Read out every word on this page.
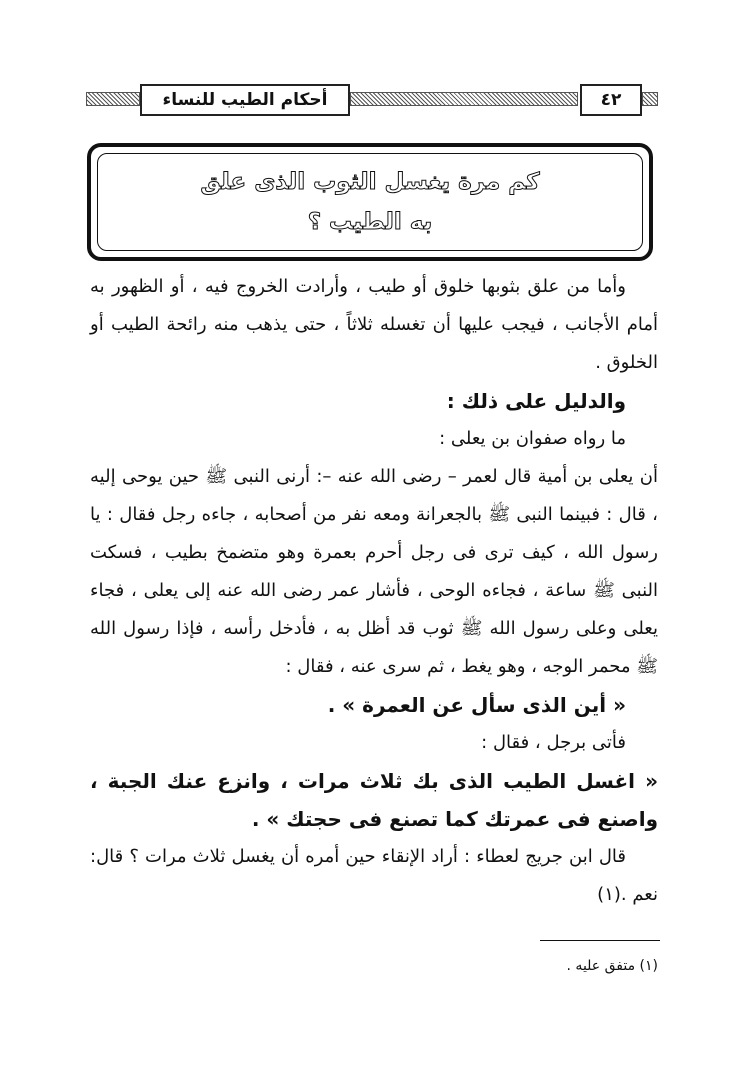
أحكام الطيب للنساء	٤٢
كم مرة يغسل الثوب الذى علق
به الطيب ؟

وأما من علق بثوبها خلوق أو طيب ، وأرادت الخروج فيه ، أو الظهور به أمام الأجانب ، فيجب عليها أن تغسله ثلاثاً ، حتى يذهب منه رائحة الطيب أو الخلوق .

والدليل على ذلك :

ما رواه صفوان بن يعلى :

أن يعلى بن أمية قال لعمر – رضى الله عنه –: أرنى النبى ﷺ حين يوحى إليه ، قال : فبينما النبى ﷺ بالجعرانة ومعه نفر من أصحابه ، جاءه رجل فقال : يا رسول الله ، كيف ترى فى رجل أحرم بعمرة وهو متضمخ بطيب ، فسكت النبى ﷺ ساعة ، فجاءه الوحى ، فأشار عمر رضى الله عنه إلى يعلى ، فجاء يعلى وعلى رسول الله ﷺ ثوب قد أظل به ، فأدخل رأسه ، فإذا رسول الله ﷺ محمر الوجه ، وهو يغط ، ثم سرى عنه ، فقال :

« أين الذى سأل عن العمرة » .

فأتى برجل ، فقال :

« اغسل الطيب الذى بك ثلاث مرات ، وانزع عنك الجبة ، واصنع فى عمرتك كما تصنع فى حجتك » .

قال ابن جريج لعطاء : أراد الإنقاء حين أمره أن يغسل ثلاث مرات ؟ قال: نعم .(١)

(١) متفق عليه .
